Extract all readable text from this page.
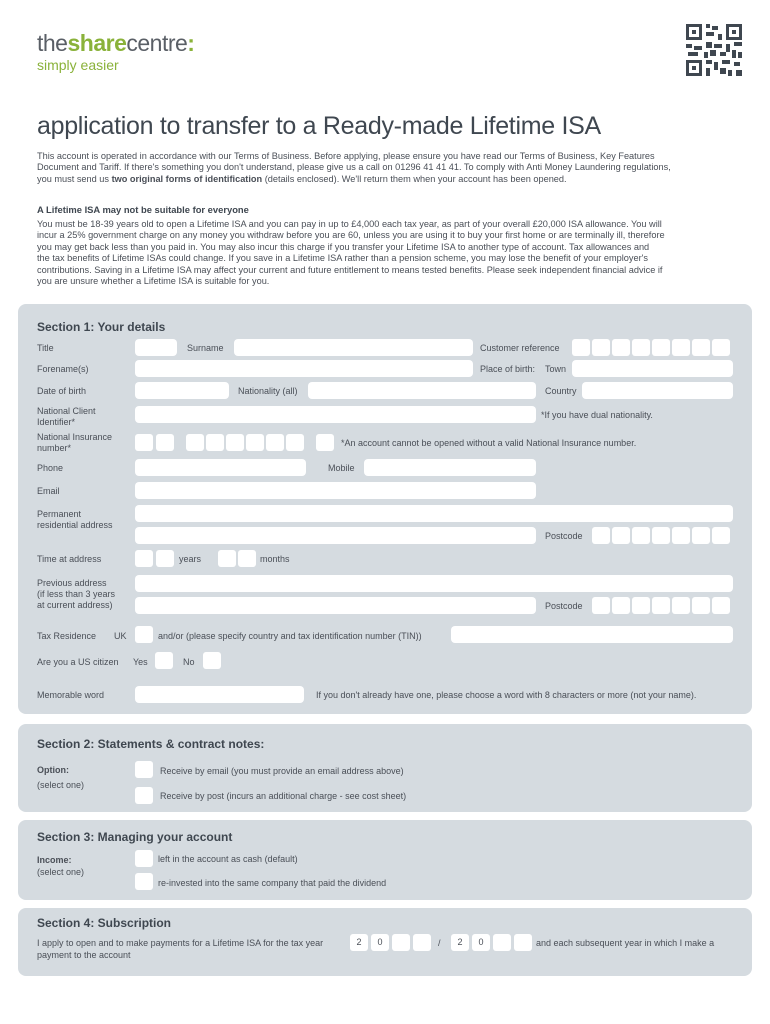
thesharecentre:
simply easier
application to transfer to a Ready-made Lifetime ISA
This account is operated in accordance with our Terms of Business. Before applying, please ensure you have read our Terms of Business, Key Features
Document and Tariff. If there's something you don't understand, please give us a call on 01296 41 41 41. To comply with Anti Money Laundering regulations,
you must send us two original forms of identification (details enclosed). We'll return them when your account has been opened.
A Lifetime ISA may not be suitable for everyone
You must be 18-39 years old to open a Lifetime ISA and you can pay in up to £4,000 each tax year, as part of your overall £20,000 ISA allowance. You will
incur a 25% government charge on any money you withdraw before you are 60, unless you are using it to buy your first home or are terminally ill, therefore
you may get back less than you paid in. You may also incur this charge if you transfer your Lifetime ISA to another type of account. Tax allowances and
the tax benefits of Lifetime ISAs could change. If you save in a Lifetime ISA rather than a pension scheme, you may lose the benefit of your employer's
contributions. Saving in a Lifetime ISA may affect your current and future entitlement to means tested benefits. Please seek independent financial advice if
you are unsure whether a Lifetime ISA is suitable for you.
Section 1: Your details
Title	Surname	Customer reference
Forename(s)	Place of birth: Town
Date of birth	Nationality (all)	Country
National Client
Identifier*
*If you have dual nationality.
National Insurance
number*	*An account cannot be opened without a valid National Insurance number.
Phone	Mobile
Email
Permanent
residential address
Postcode
Time at address	years	months
Previous address
(if less than 3 years
at current address)	Postcode
Tax Residence UK	and/or (please specify country and tax identification number (TIN))
Are you a US citizen Yes	No
Memorable word	If you don't already have one, please choose a word with 8 characters or more (not your name).
Section 2: Statements & contract notes:
Option:
(select one)
Receive by email (you must provide an email address above)
Receive by post (incurs an additional charge - see cost sheet)
Section 3: Managing your account
Income:
(select one)
left in the account as cash (default)
re-invested into the same company that paid the dividend
Section 4: Subscription
I apply to open and to make payments for a Lifetime ISA for the tax year
payment to the account
2	0	/	2	0	and each subsequent year in which I make a
